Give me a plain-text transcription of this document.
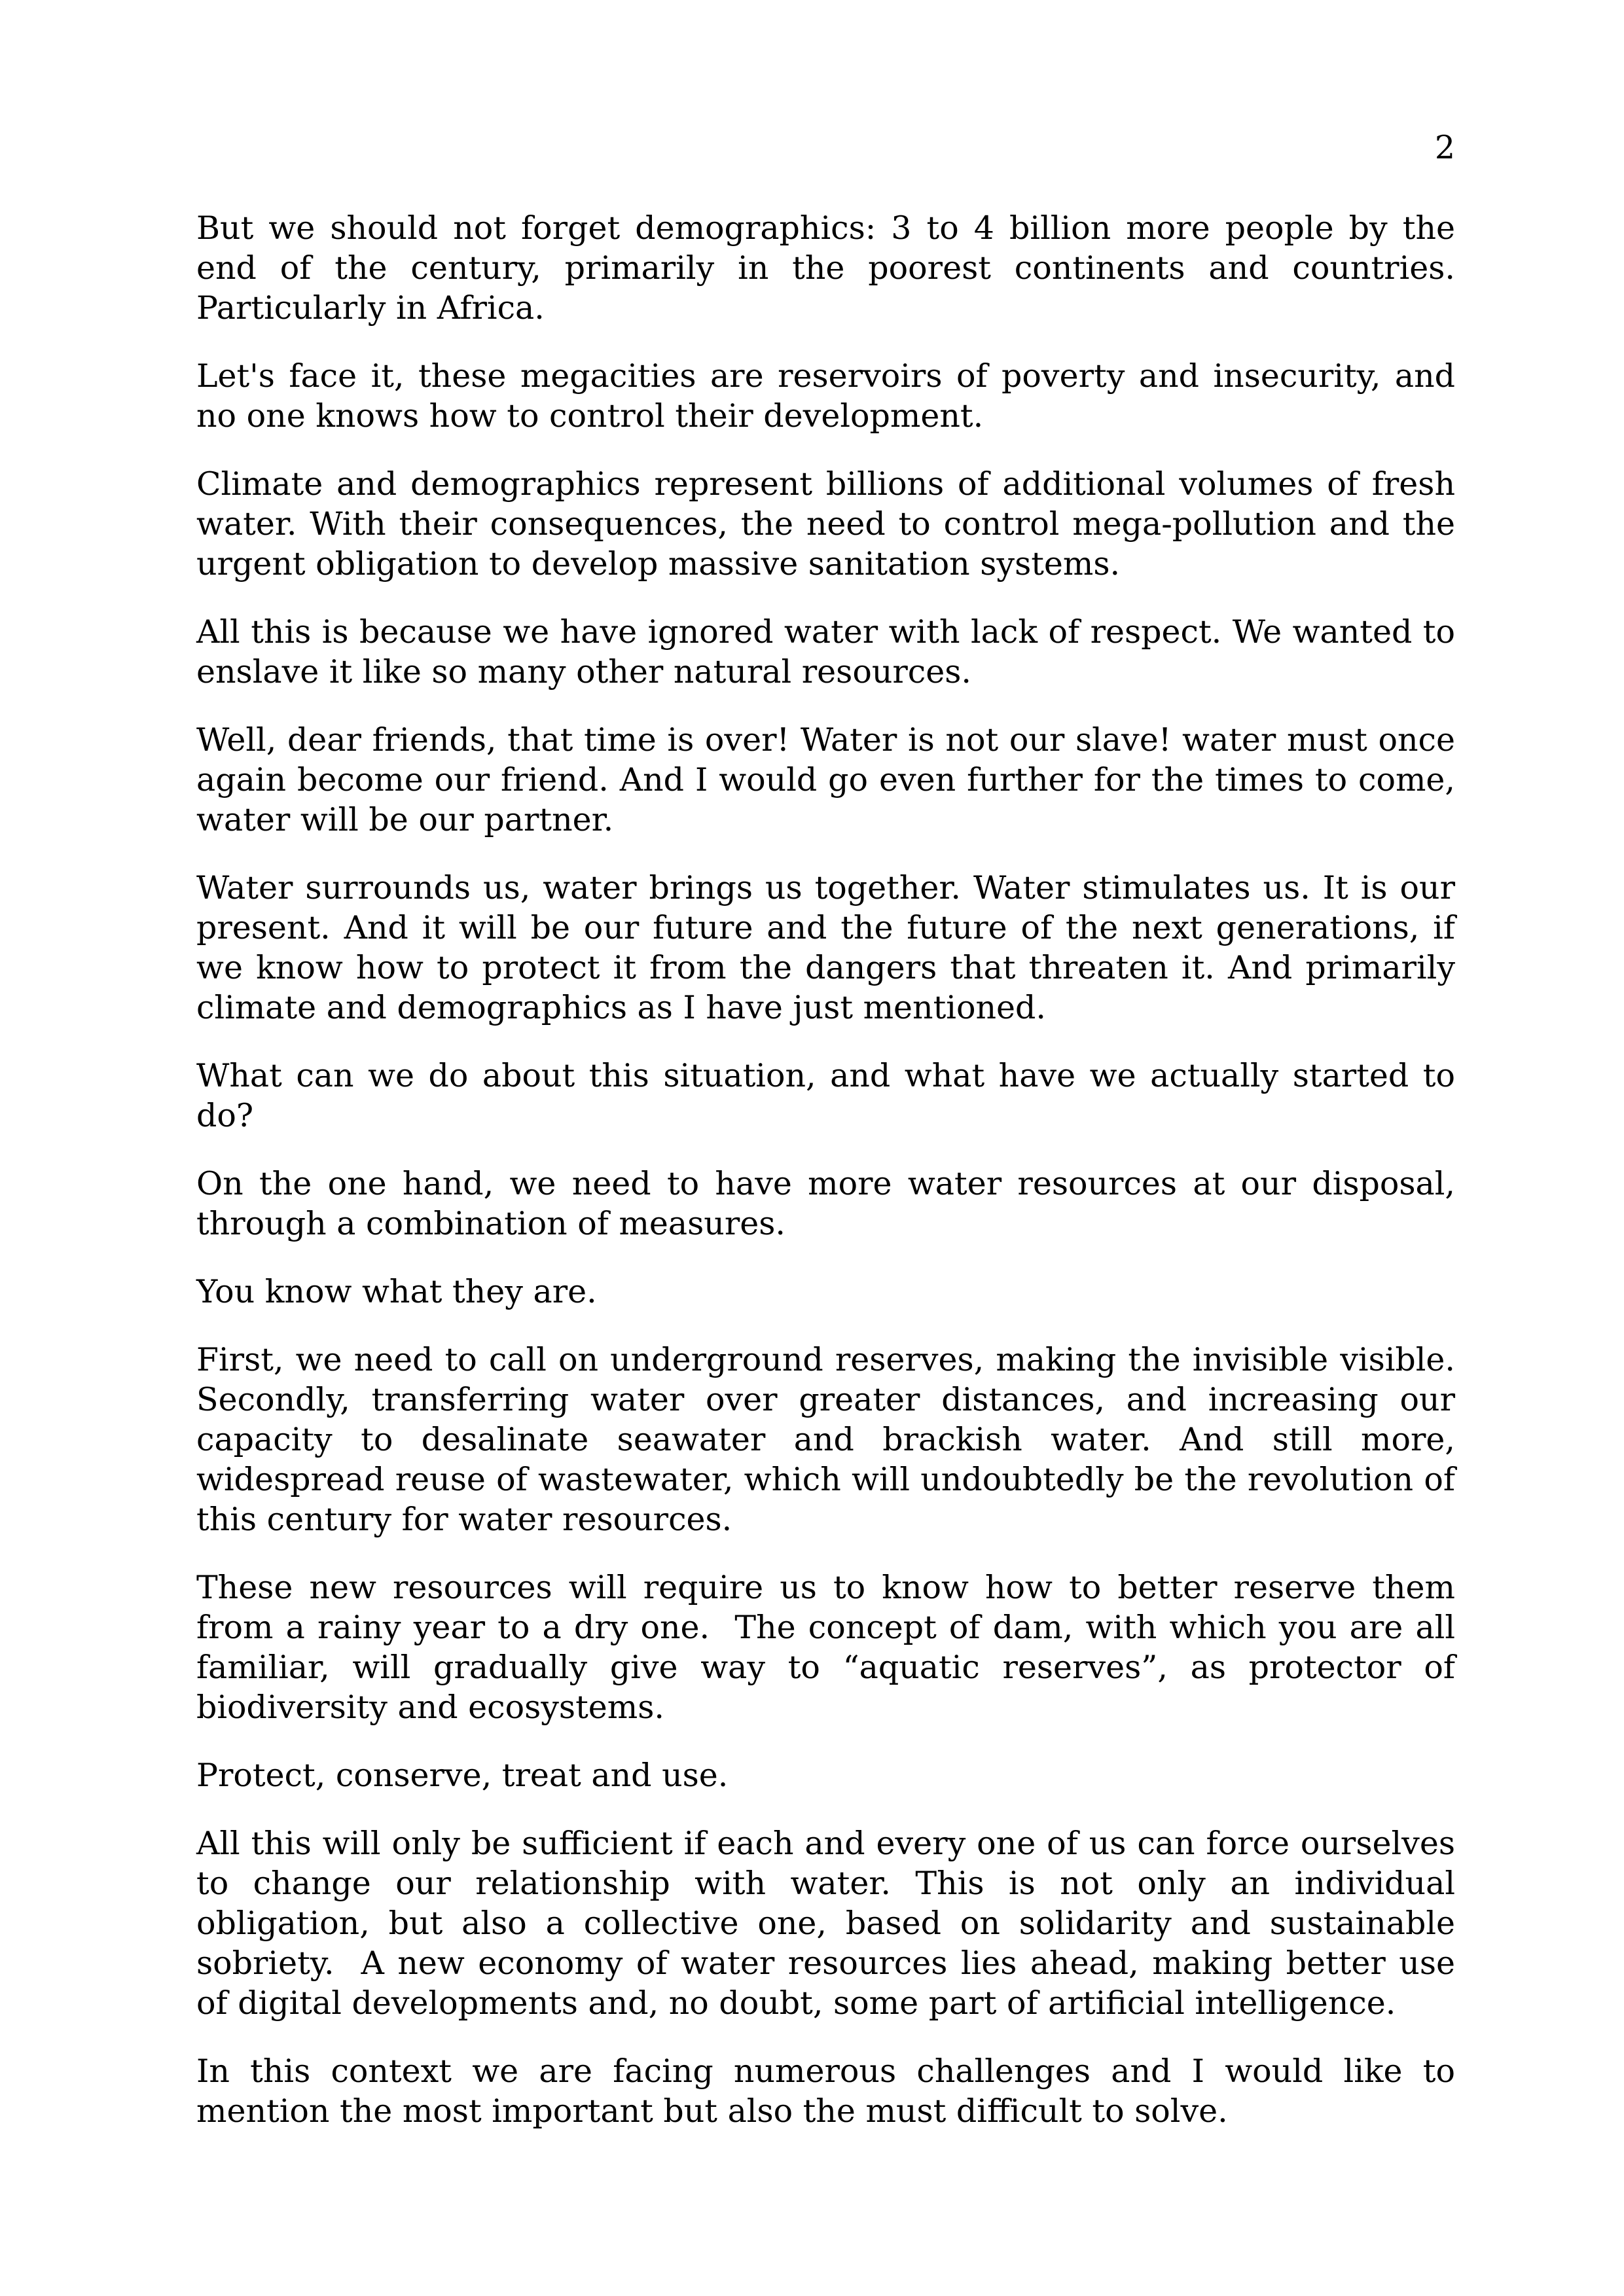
2

But we should not forget demographics: 3 to 4 billion more people by the end of the century, primarily in the poorest continents and countries. Particularly in Africa.

Let's face it, these megacities are reservoirs of poverty and insecurity, and no one knows how to control their development.

Climate and demographics represent billions of additional volumes of fresh water. With their consequences, the need to control mega-pollution and the urgent obligation to develop massive sanitation systems.

All this is because we have ignored water with lack of respect. We wanted to enslave it like so many other natural resources.

Well, dear friends, that time is over! Water is not our slave! water must once again become our friend. And I would go even further for the times to come, water will be our partner.

Water surrounds us, water brings us together. Water stimulates us. It is our present. And it will be our future and the future of the next generations, if we know how to protect it from the dangers that threaten it. And primarily climate and demographics as I have just mentioned.

What can we do about this situation, and what have we actually started to do?

On the one hand, we need to have more water resources at our disposal, through a combination of measures.

You know what they are.

First, we need to call on underground reserves, making the invisible visible. Secondly, transferring water over greater distances, and increasing our capacity to desalinate seawater and brackish water. And still more, widespread reuse of wastewater, which will undoubtedly be the revolution of this century for water resources.

These new resources will require us to know how to better reserve them from a rainy year to a dry one.  The concept of dam, with which you are all familiar, will gradually give way to “aquatic reserves”, as protector of biodiversity and ecosystems.

Protect, conserve, treat and use.

All this will only be sufficient if each and every one of us can force ourselves to change our relationship with water. This is not only an individual obligation, but also a collective one, based on solidarity and sustainable sobriety.  A new economy of water resources lies ahead, making better use of digital developments and, no doubt, some part of artificial intelligence.

In this context we are facing numerous challenges and I would like to mention the most important but also the must difficult to solve.
